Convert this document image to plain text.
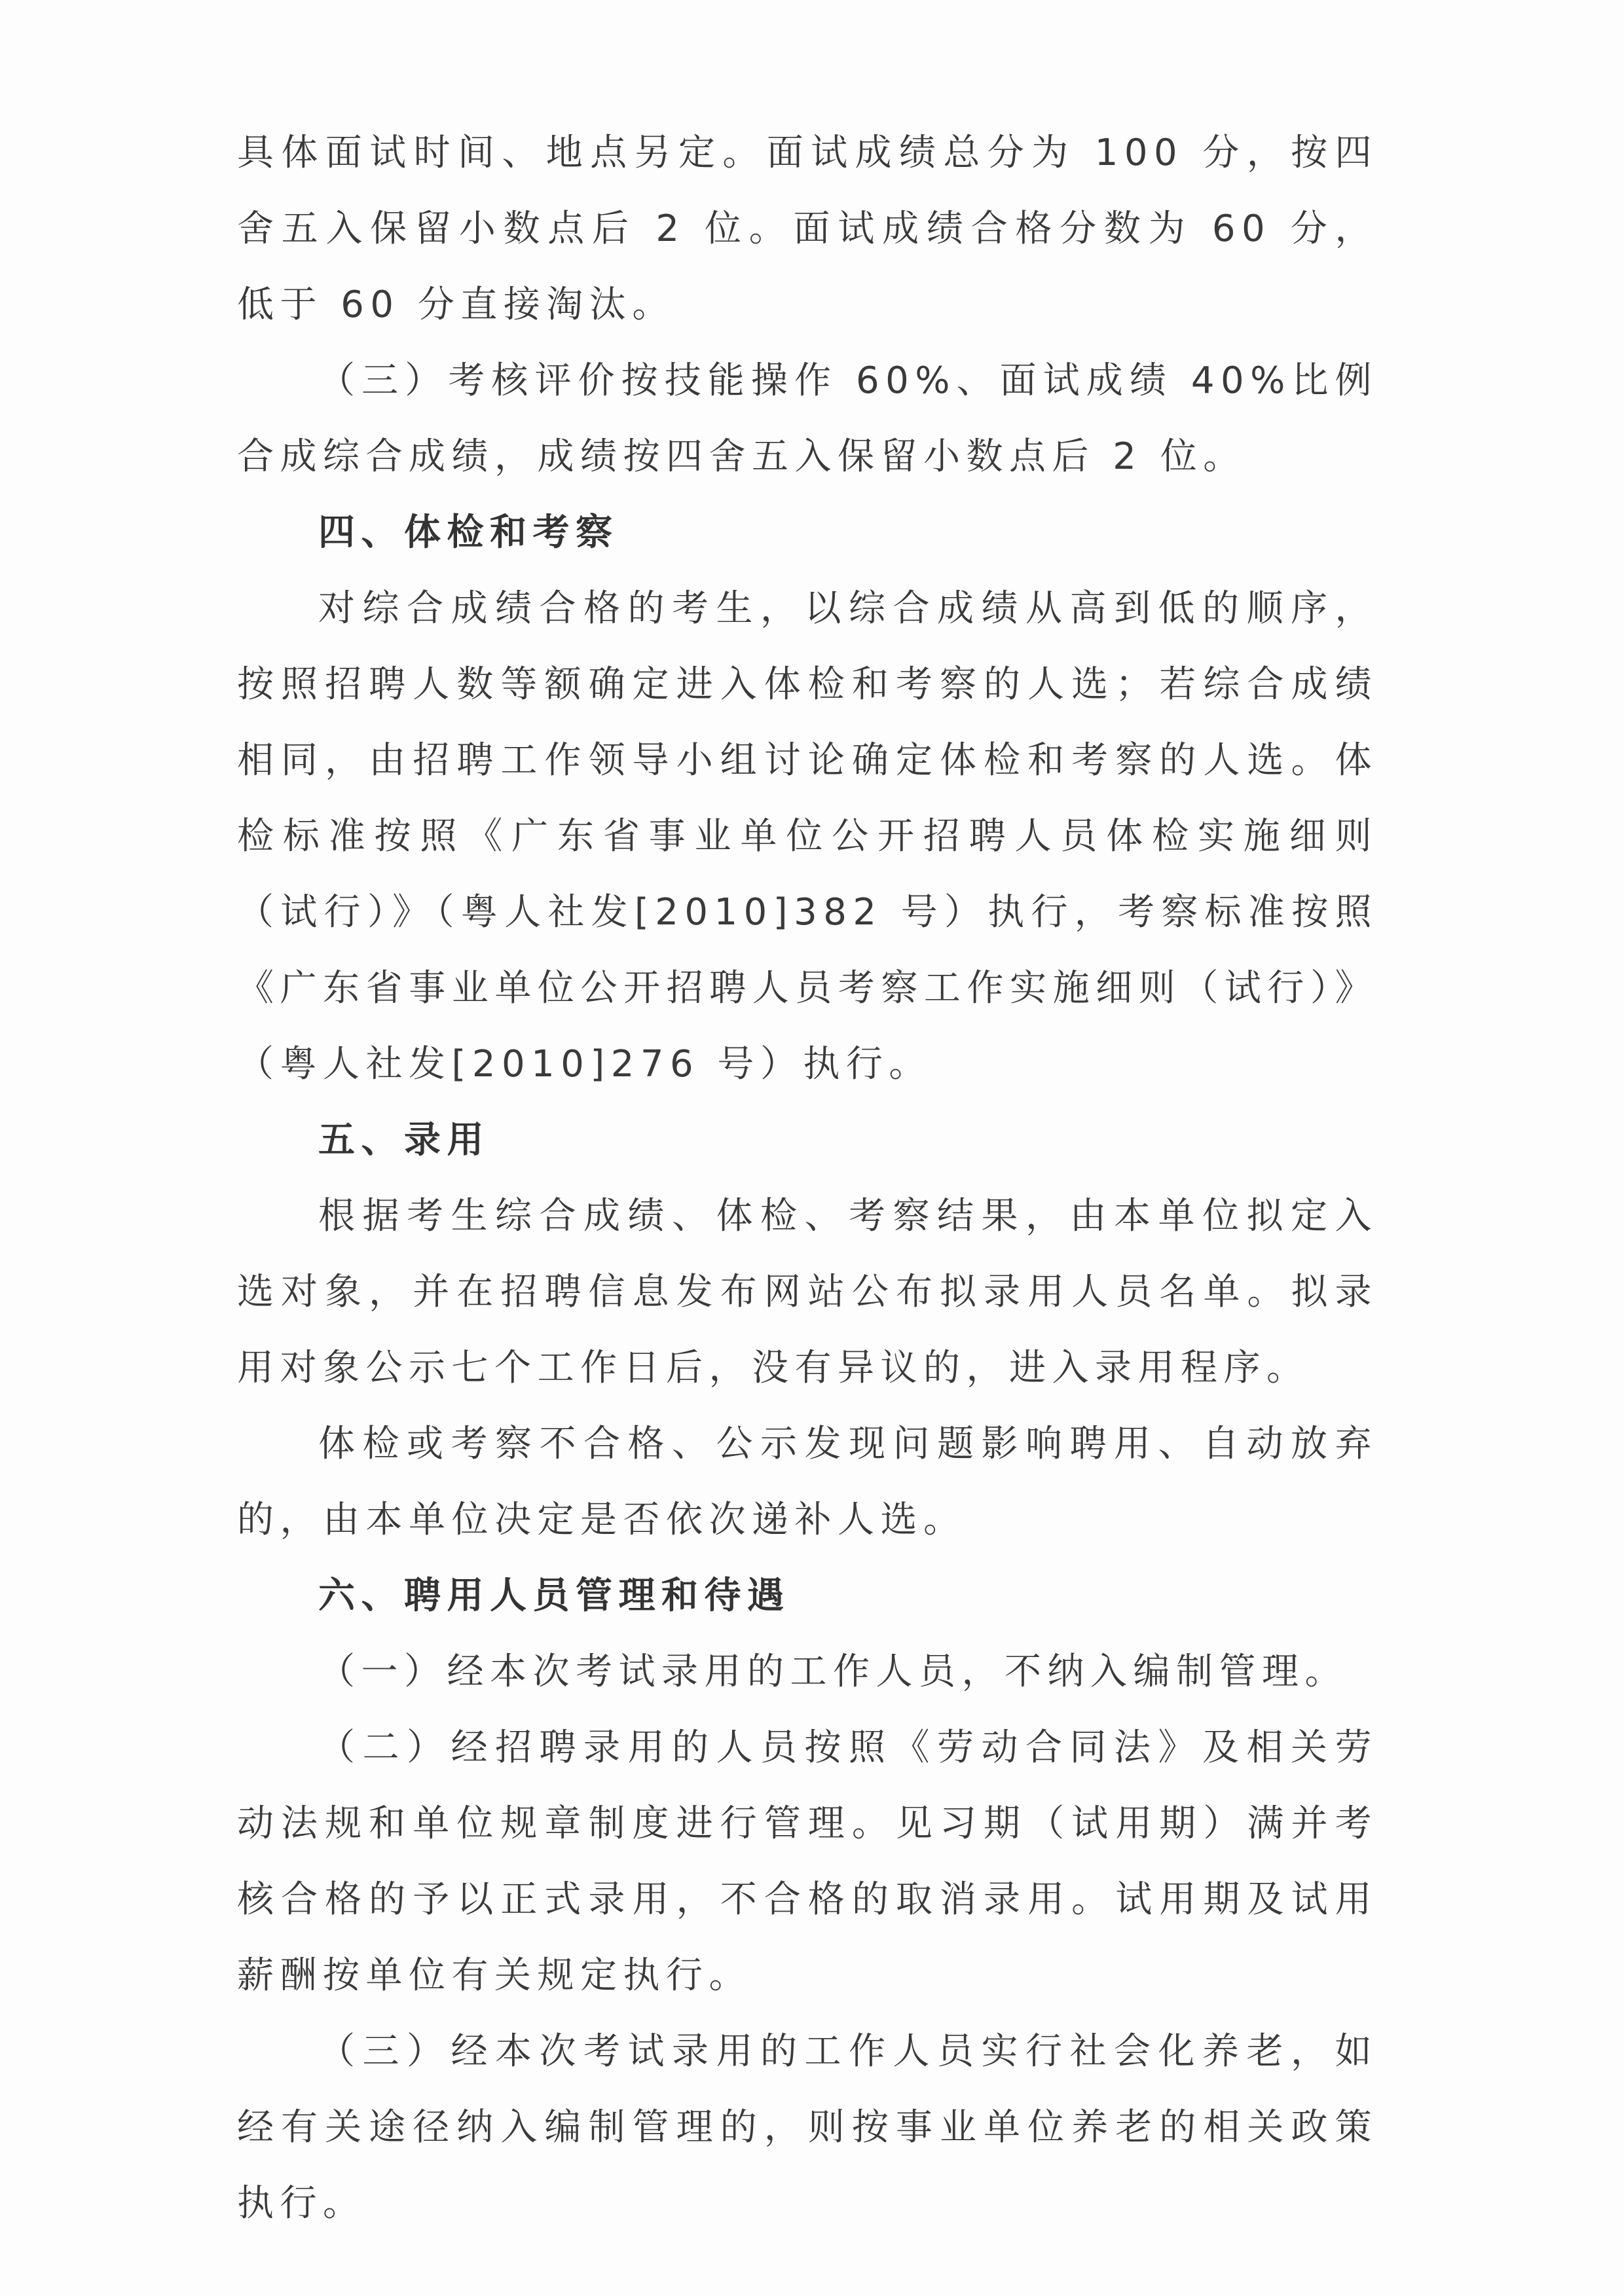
具体面试时间、地点另定。面试成绩总分为 100 分，按四舍五入保留小数点后 2 位。面试成绩合格分数为 60 分，低于 60 分直接淘汰。

（三）考核评价按技能操作 60%、面试成绩 40%比例合成综合成绩，成绩按四舍五入保留小数点后 2 位。

四、体检和考察

对综合成绩合格的考生，以综合成绩从高到低的顺序，按照招聘人数等额确定进入体检和考察的人选；若综合成绩相同，由招聘工作领导小组讨论确定体检和考察的人选。体检标准按照《广东省事业单位公开招聘人员体检实施细则（试行）》（粤人社发[2010]382 号）执行，考察标准按照《广东省事业单位公开招聘人员考察工作实施细则（试行）》（粤人社发[2010]276 号）执行。

五、录用

根据考生综合成绩、体检、考察结果，由本单位拟定入选对象，并在招聘信息发布网站公布拟录用人员名单。拟录用对象公示七个工作日后，没有异议的，进入录用程序。

体检或考察不合格、公示发现问题影响聘用、自动放弃的，由本单位决定是否依次递补人选。

六、聘用人员管理和待遇

（一）经本次考试录用的工作人员，不纳入编制管理。

（二）经招聘录用的人员按照《劳动合同法》及相关劳动法规和单位规章制度进行管理。见习期（试用期）满并考核合格的予以正式录用，不合格的取消录用。试用期及试用薪酬按单位有关规定执行。

（三）经本次考试录用的工作人员实行社会化养老，如经有关途径纳入编制管理的，则按事业单位养老的相关政策执行。
